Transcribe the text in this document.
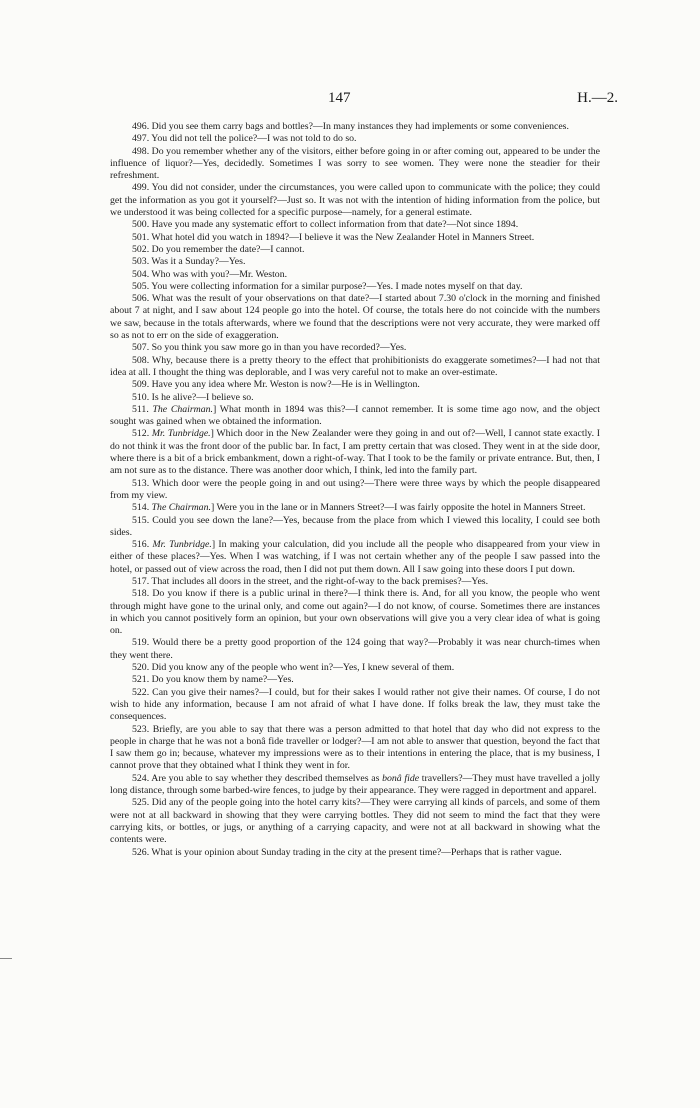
147	H.—2.

496. Did you see them carry bags and bottles?—In many instances they had implements or some conveniences.

497. You did not tell the police?—I was not told to do so.

498. Do you remember whether any of the visitors, either before going in or after coming out, appeared to be under the influence of liquor?—Yes, decidedly. Sometimes I was sorry to see women. They were none the steadier for their refreshment.

499. You did not consider, under the circumstances, you were called upon to communicate with the police; they could get the information as you got it yourself?—Just so. It was not with the intention of hiding information from the police, but we understood it was being collected for a specific purpose—namely, for a general estimate.

500. Have you made any systematic effort to collect information from that date?—Not since 1894.

501. What hotel did you watch in 1894?—I believe it was the New Zealander Hotel in Manners Street.

502. Do you remember the date?—I cannot.

503. Was it a Sunday?—Yes.

504. Who was with you?—Mr. Weston.

505. You were collecting information for a similar purpose?—Yes. I made notes myself on that day.

506. What was the result of your observations on that date?—I started about 7.30 o'clock in the morning and finished about 7 at night, and I saw about 124 people go into the hotel. Of course, the totals here do not coincide with the numbers we saw, because in the totals afterwards, where we found that the descriptions were not very accurate, they were marked off so as not to err on the side of exaggeration.

507. So you think you saw more go in than you have recorded?—Yes.

508. Why, because there is a pretty theory to the effect that prohibitionists do exaggerate sometimes?—I had not that idea at all. I thought the thing was deplorable, and I was very careful not to make an over-estimate.

509. Have you any idea where Mr. Weston is now?—He is in Wellington.

510. Is he alive?—I believe so.

511. The Chairman.] What month in 1894 was this?—I cannot remember. It is some time ago now, and the object sought was gained when we obtained the information.

512. Mr. Tunbridge.] Which door in the New Zealander were they going in and out of?—Well, I cannot state exactly. I do not think it was the front door of the public bar. In fact, I am pretty certain that was closed. They went in at the side door, where there is a bit of a brick embankment, down a right-of-way. That I took to be the family or private entrance. But, then, I am not sure as to the distance. There was another door which, I think, led into the family part.

513. Which door were the people going in and out using?—There were three ways by which the people disappeared from my view.

514. The Chairman.] Were you in the lane or in Manners Street?—I was fairly opposite the hotel in Manners Street.

515. Could you see down the lane?—Yes, because from the place from which I viewed this locality, I could see both sides.

516. Mr. Tunbridge.] In making your calculation, did you include all the people who disappeared from your view in either of these places?—Yes. When I was watching, if I was not certain whether any of the people I saw passed into the hotel, or passed out of view across the road, then I did not put them down. All I saw going into these doors I put down.

517. That includes all doors in the street, and the right-of-way to the back premises?—Yes.

518. Do you know if there is a public urinal in there?—I think there is. And, for all you know, the people who went through might have gone to the urinal only, and come out again?—I do not know, of course. Sometimes there are instances in which you cannot positively form an opinion, but your own observations will give you a very clear idea of what is going on.

519. Would there be a pretty good proportion of the 124 going that way?—Probably it was near church-times when they went there.

520. Did you know any of the people who went in?—Yes, I knew several of them.

521. Do you know them by name?—Yes.

522. Can you give their names?—I could, but for their sakes I would rather not give their names. Of course, I do not wish to hide any information, because I am not afraid of what I have done. If folks break the law, they must take the consequences.

523. Briefly, are you able to say that there was a person admitted to that hotel that day who did not express to the people in charge that he was not a bonâ fide traveller or lodger?—I am not able to answer that question, beyond the fact that I saw them go in; because, whatever my impressions were as to their intentions in entering the place, that is my business, I cannot prove that they obtained what I think they went in for.

524. Are you able to say whether they described themselves as bonâ fide travellers?—They must have travelled a jolly long distance, through some barbed-wire fences, to judge by their appearance. They were ragged in deportment and apparel.

525. Did any of the people going into the hotel carry kits?—They were carrying all kinds of parcels, and some of them were not at all backward in showing that they were carrying bottles. They did not seem to mind the fact that they were carrying kits, or bottles, or jugs, or anything of a carrying capacity, and were not at all backward in showing what the contents were.

526. What is your opinion about Sunday trading in the city at the present time?—Perhaps that is rather vague.
